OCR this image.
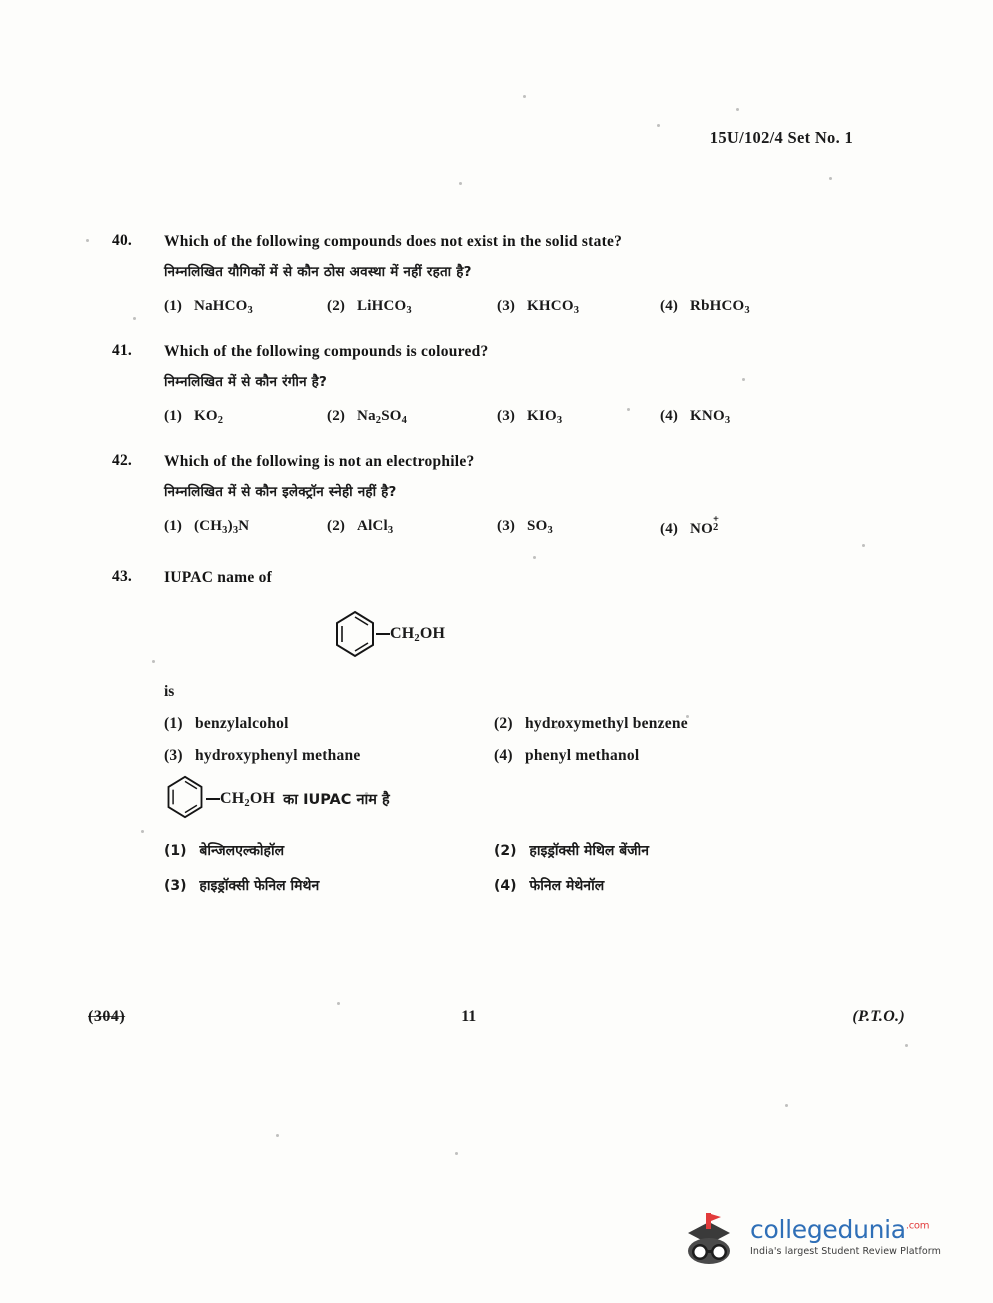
15U/102/4 Set No. 1
40.	Which of the following compounds does not exist in the solid state?
निम्नलिखित यौगिकों में से कौन ठोस अवस्था में नहीं रहता है?
(1) NaHCO$_3$	(2) LiHCO$_3$	(3) $KHCO_3$	(4) RbHCO$_3$
41.	Which of the following compounds is coloured?
निम्नलिखित में से कौन रंगीन है?
(1) $KO_2$	(2) $Na_2SO_4$	(3) $KIO_3$	(4) $KNO_3$
42.	Which of the following is not an electrophile?
निम्नलिखित में से कौन इलेक्ट्रॉन स्नेही नहीं है?
(1) $(CH_3)_3N$	(2) AlCl$_3$	(3) $SO_3$	(4) NO
+
2
43.	IUPAC name of
$CH_2OH$
is
(1) benzylalcohol	(2) hydroxymethyl benzene
(3) hydroxyphenyl methane	(4) phenyl methanol
$CH_2OH$ का IUPAC नाम है
(1) बेन्जिलएल्कोहॉल	(2) हाइड्रॉक्सी मेथिल बेंजीन
(3) हाइड्रॉक्सी फेनिल मिथेन	(4) फेनिल मेथेनॉल
(304)	11	(P.T.O.)
collegedunia$^{.com}$
India's largest Student Review Platform
